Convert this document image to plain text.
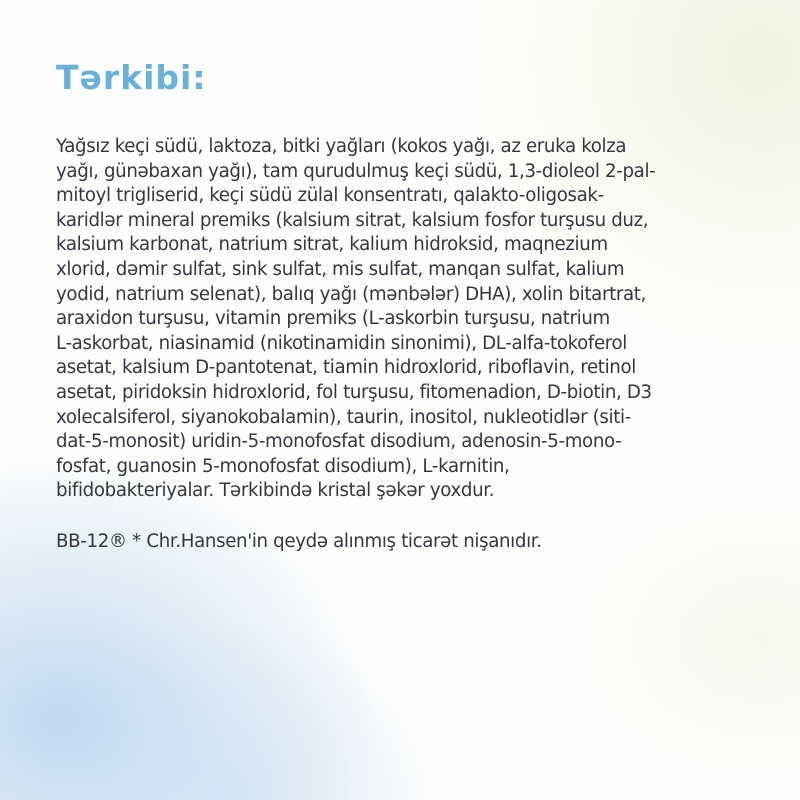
Tərkibi:
Yağsız keçi südü, laktoza, bitki yağları (kokos yağı, az eruka kolza
yağı, günəbaxan yağı), tam qurudulmuş keçi südü, 1,3-dioleol 2-pal-
mitoyl trigliserid, keçi südü zülal konsentratı, qalakto-oligosak-
karidlər mineral premiks (kalsium sitrat, kalsium fosfor turşusu duz,
kalsium karbonat, natrium sitrat, kalium hidroksid, maqnezium
xlorid, dəmir sulfat, sink sulfat, mis sulfat, manqan sulfat, kalium
yodid, natrium selenat), balıq yağı (mənbələr) DHA), xolin bitartrat,
araxidon turşusu, vitamin premiks (L-askorbin turşusu, natrium
L-askorbat, niasinamid (nikotinamidin sinonimi), DL-alfa-tokoferol
asetat, kalsium D-pantotenat, tiamin hidroxlorid, riboflavin, retinol
asetat, piridoksin hidroxlorid, fol turşusu, fitomenadion, D-biotin, D3
xolecalsiferol, siyanokobalamin), taurin, inositol, nukleotidlər (siti-
dat-5-monosit) uridin-5-monofosfat disodium, adenosin-5-mono-
fosfat, guanosin 5-monofosfat disodium), L-karnitin,
bifidobakteriyalar. Tərkibində kristal şəkər yoxdur.
BB-12® * Chr.Hansen'in qeydə alınmış ticarət nişanıdır.
